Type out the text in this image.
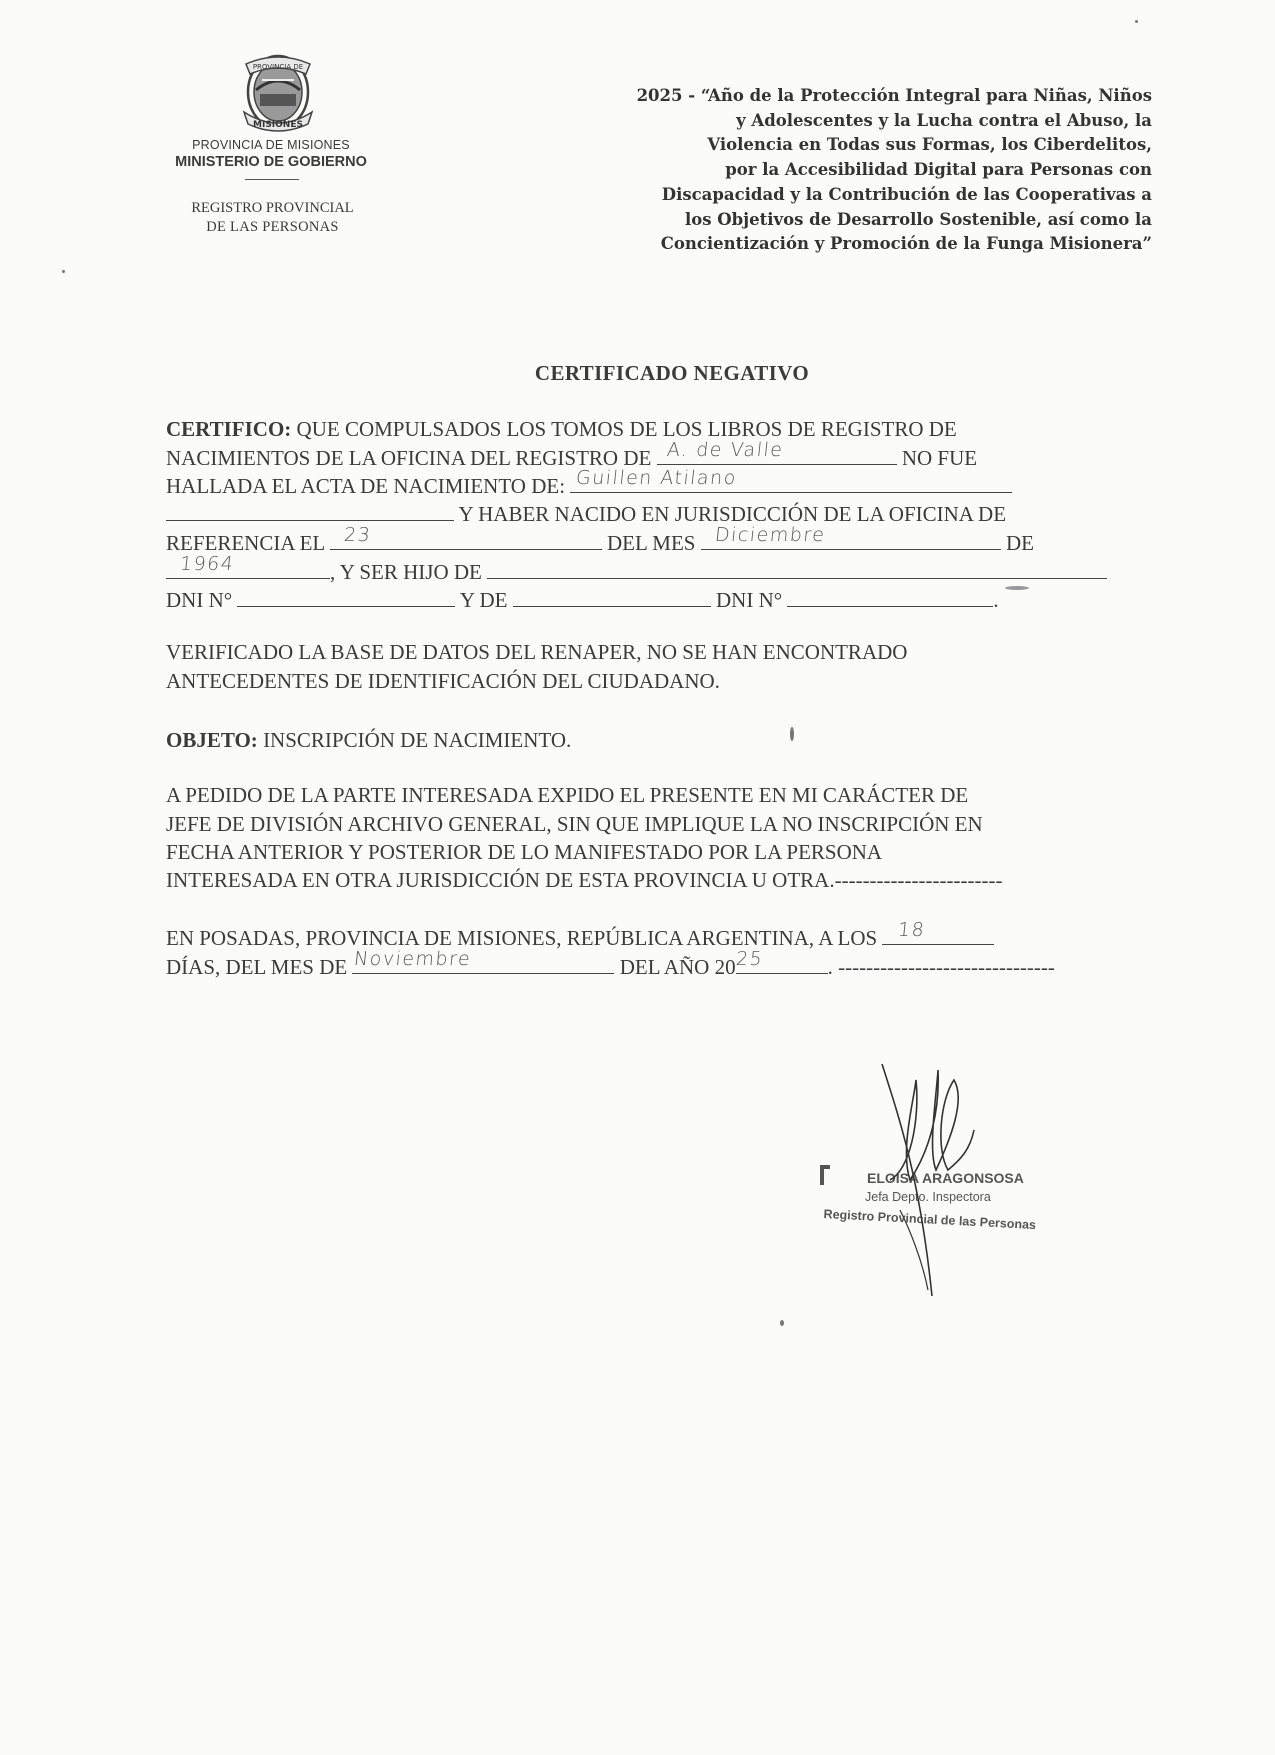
PROVINCIA DE
MISIONES
PROVINCIA DE MISIONES
MINISTERIO DE GOBIERNO
REGISTRO PROVINCIAL
DE LAS PERSONAS
2025 - “Año de la Protección Integral para Niñas, Niños
y Adolescentes y la Lucha contra el Abuso, la
Violencia en Todas sus Formas, los Ciberdelitos,
por la Accesibilidad Digital para Personas con
Discapacidad y la Contribución de las Cooperativas a
los Objetivos de Desarrollo Sostenible, así como la
Concientización y Promoción de la Funga Misionera”
CERTIFICADO NEGATIVO
CERTIFICO: QUE COMPULSADOS LOS TOMOS DE LOS LIBROS DE REGISTRO DE
NACIMIENTOS DE LA OFICINA DEL REGISTRO DE A. de Valle	NO FUE
HALLADA EL ACTA DE NACIMIENTO DE: Guillen Atilano
Y HABER NACIDO EN JURISDICCIÓN DE LA OFICINA DE
REFERENCIA EL 23	DEL MES Diciembre	DE
1964	, Y SER HIJO DE
DNI N°	Y DE	DNI N°	.
VERIFICADO LA BASE DE DATOS DEL RENAPER, NO SE HAN ENCONTRADO
ANTECEDENTES DE IDENTIFICACIÓN DEL CIUDADANO.
OBJETO: INSCRIPCIÓN DE NACIMIENTO.
A PEDIDO DE LA PARTE INTERESADA EXPIDO EL PRESENTE EN MI CARÁCTER DE
JEFE DE DIVISIÓN ARCHIVO GENERAL, SIN QUE IMPLIQUE LA NO INSCRIPCIÓN EN
FECHA ANTERIOR Y POSTERIOR DE LO MANIFESTADO POR LA PERSONA
INTERESADA EN OTRA JURISDICCIÓN DE ESTA PROVINCIA U OTRA.------------------------
EN POSADAS, PROVINCIA DE MISIONES, REPÚBLICA ARGENTINA, A LOS 18
DÍAS, DEL MES DE Noviembre	DEL AÑO 20
25	. -------------------------------
ELOISA ARAGONSOSA
Jefa Depto. Inspectora
Registro Provincial de las Personas
